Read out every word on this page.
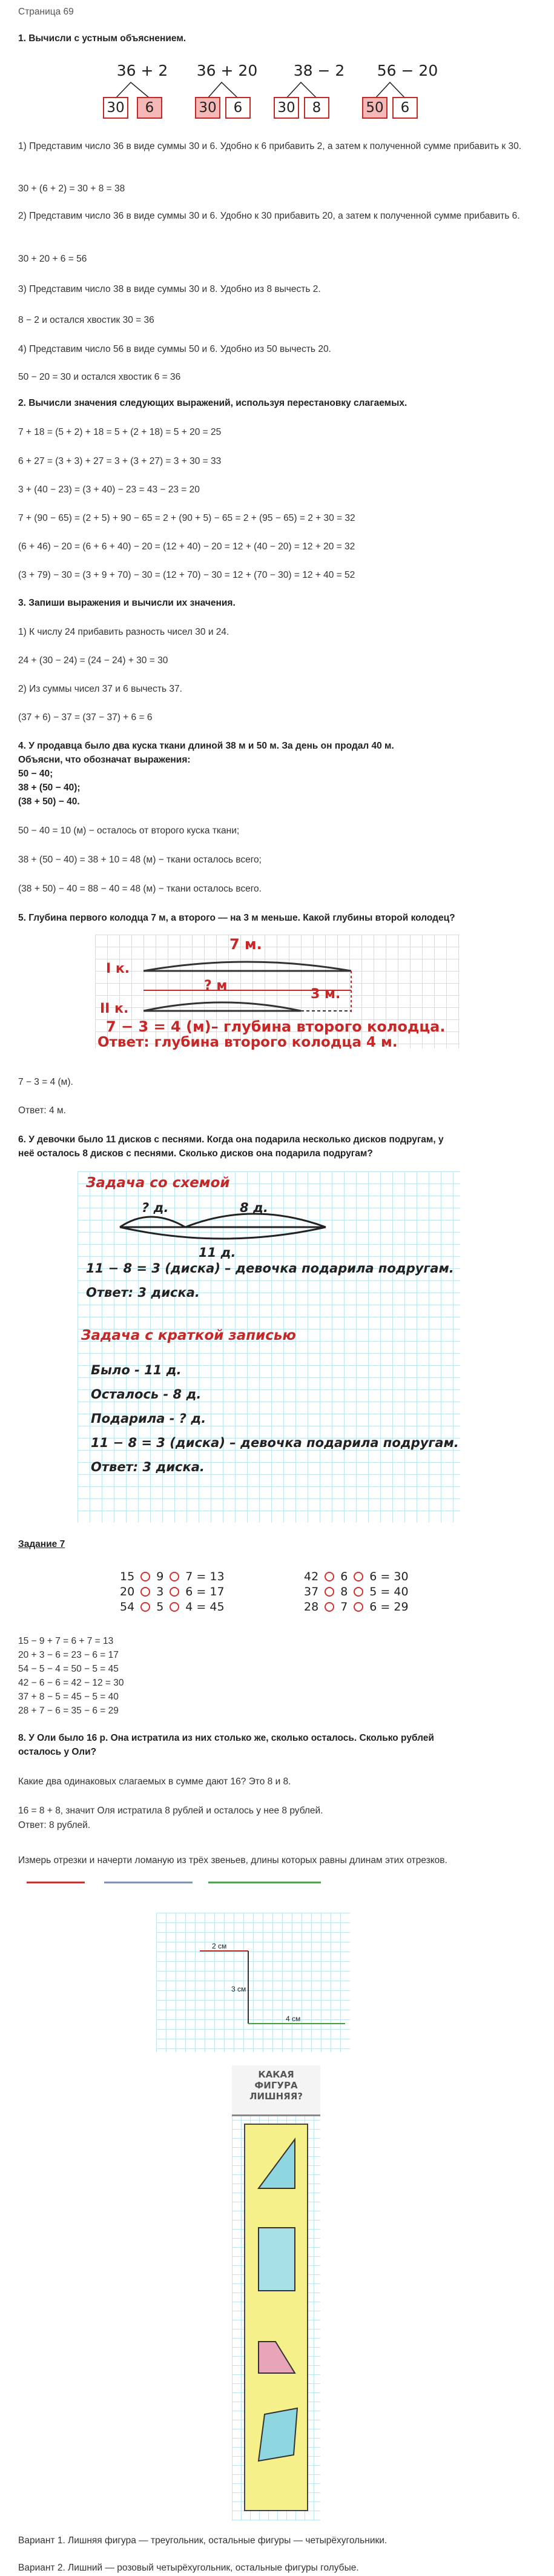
Страница 69
1. Вычисли с устным объяснением.
36 + 2	36 + 20	38 − 2	56 − 20
30	6	30	6	30	8	50	6
1) Представим число 36 в виде суммы 30 и 6. Удобно к 6 прибавить 2, а затем к полученной сумме прибавить к 30.
30 + (6 + 2) = 30 + 8 = 38
2) Представим число 36 в виде суммы 30 и 6. Удобно к 30 прибавить 20, а затем к полученной сумме прибавить 6.
30 + 20 + 6 = 56
3) Представим число 38 в виде суммы 30 и 8. Удобно из 8 вычесть 2.
8 − 2 и остался хвостик 30 = 36
4) Представим число 56 в виде суммы 50 и 6. Удобно из 50 вычесть 20.
50 − 20 = 30 и остался хвостик 6 = 36
2. Вычисли значения следующих выражений, используя перестановку слагаемых.
7 + 18 = (5 + 2) + 18 = 5 + (2 + 18) = 5 + 20 = 25
6 + 27 = (3 + 3) + 27 = 3 + (3 + 27) = 3 + 30 = 33
3 + (40 − 23) = (3 + 40) − 23 = 43 − 23 = 20
7 + (90 − 65) = (2 + 5) + 90 − 65 = 2 + (90 + 5) − 65 = 2 + (95 − 65) = 2 + 30 = 32
(6 + 46) − 20 = (6 + 6 + 40) − 20 = (12 + 40) − 20 = 12 + (40 − 20) = 12 + 20 = 32
(3 + 79) − 30 = (3 + 9 + 70) − 30 = (12 + 70) − 30 = 12 + (70 − 30) = 12 + 40 = 52
3. Запиши выражения и вычисли их значения.
1) К числу 24 прибавить разность чисел 30 и 24.
24 + (30 − 24) = (24 − 24) + 30 = 30
2) Из суммы чисел 37 и 6 вычесть 37.
(37 + 6) − 37 = (37 − 37) + 6 = 6
4. У продавца было два куска ткани длиной 38 м и 50 м. За день он продал 40 м.
Объясни, что обозначат выражения:
50 − 40;
38 + (50 − 40);
(38 + 50) − 40.
50 − 40 = 10 (м) − осталось от второго куска ткани;
38 + (50 − 40) = 38 + 10 = 48 (м) − ткани осталось всего;
(38 + 50) − 40 = 88 − 40 = 48 (м) − ткани осталось всего.
5. Глубина первого колодца 7 м, а второго — на 3 м меньше. Какой глубины второй колодец?
I к.
II к.
7 м.
? м
3 м.
7 − 3 = 4 (м)– глубина второго колодца.
Ответ: глубина второго колодца 4 м.
7 − 3 = 4 (м).
Ответ: 4 м.
6. У девочки было 11 дисков с песнями. Когда она подарила несколько дисков подругам, у
неё осталось 8 дисков с песнями. Сколько дисков она подарила подругам?
Задача со схемой
? д.	8 д.
11 д.
11 − 8 = 3 (диска) – девочка подарила подругам.
Ответ: 3 диска.
Задача с краткой записью
Было - 11 д.
Осталось - 8 д.
Подарила - ? д.
11 − 8 = 3 (диска) – девочка подарила подругам.
Ответ: 3 диска.
Задание 7
15 9 7 = 13
20 3 6 = 17
54 5 4 = 45
42 6 6 = 30
37 8 5 = 40
28 7 6 = 29
15 − 9 + 7 = 6 + 7 = 13
20 + 3 − 6 = 23 − 6 = 17
54 − 5 − 4 = 50 − 5 = 45
42 − 6 − 6 = 42 − 12 = 30
37 + 8 − 5 = 45 − 5 = 40
28 + 7 − 6 = 35 − 6 = 29
8. У Оли было 16 р. Она истратила из них столько же, сколько осталось. Сколько рублей
осталось у Оли?
Какие два одинаковых слагаемых в сумме дают 16? Это 8 и 8.
16 = 8 + 8, значит Оля истратила 8 рублей и осталось у нее 8 рублей.
Ответ: 8 рублей.
Измерь отрезки и начерти ломаную из трёх звеньев, длины которых равны длинам этих отрезков.
2 см
3 см
4 см
КАКАЯ
ФИГУРА
ЛИШНЯЯ?
Вариант 1. Лишняя фигура — треугольник, остальные фигуры — четырёхугольники.
Вариант 2. Лишний — розовый четырёхугольник, остальные фигуры голубые.
